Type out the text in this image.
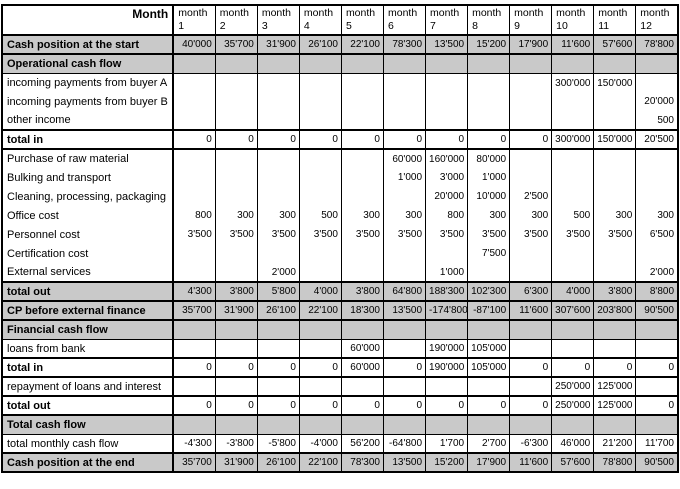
Month	month 1	month 2	month 3	month 4	month 5	month 6	month 7	month 8	month 9	month 10	month 11	month 12
Cash position at the start	40'000	35'700	31'900	26'100	22'100	78'300	13'500	15'200	17'900	11'600	57'600	78'800
Operational cash flow												
incoming payments from buyer A										300'000	150'000	
incoming payments from buyer B												20'000
other income												500
total in	0	0	0	0	0	0	0	0	0	300'000	150'000	20'500
Purchase of raw material						60'000	160'000	80'000				
Bulking and transport						1'000	3'000	1'000				
Cleaning, processing, packaging							20'000	10'000	2'500			
Office cost	800	300	300	500	300	300	800	300	300	500	300	300
Personnel cost	3'500	3'500	3'500	3'500	3'500	3'500	3'500	3'500	3'500	3'500	3'500	6'500
Certification cost								7'500				
External services			2'000				1'000					2'000
total out	4'300	3'800	5'800	4'000	3'800	64'800	188'300	102'300	6'300	4'000	3'800	8'800
CP before external finance	35'700	31'900	26'100	22'100	18'300	13'500	-174'800	-87'100	11'600	307'600	203'800	90'500
Financial cash flow												
loans from bank					60'000		190'000	105'000				
total in	0	0	0	0	60'000	0	190'000	105'000	0	0	0	0
repayment of loans and interest										250'000	125'000	
total out	0	0	0	0	0	0	0	0	0	250'000	125'000	0
Total cash flow												
total monthly cash flow	-4'300	-3'800	-5'800	-4'000	56'200	-64'800	1'700	2'700	-6'300	46'000	21'200	11'700
Cash position at the end	35'700	31'900	26'100	22'100	78'300	13'500	15'200	17'900	11'600	57'600	78'800	90'500
